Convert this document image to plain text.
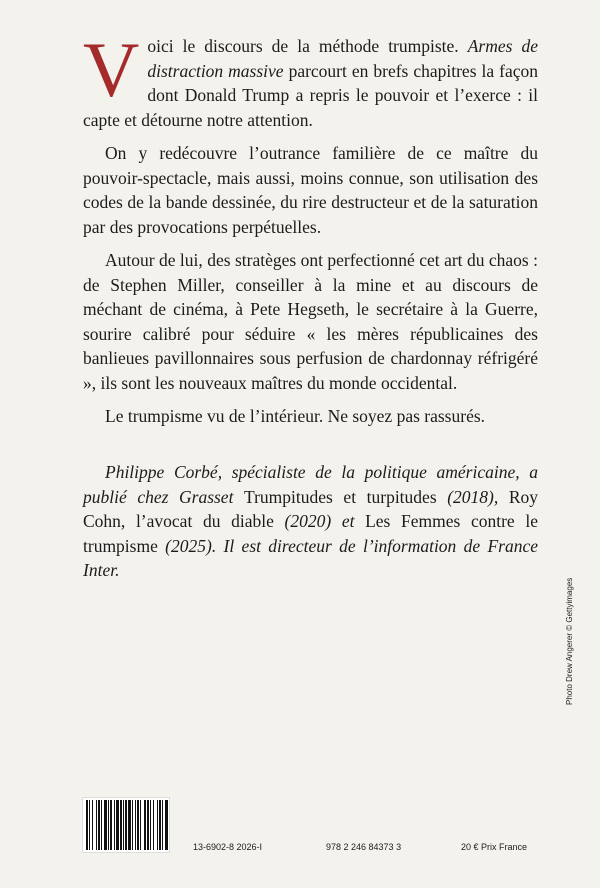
Voici le discours de la méthode trumpiste. Armes de distraction massive parcourt en brefs chapitres la façon dont Donald Trump a repris le pouvoir et l’exerce : il capte et détourne notre attention.

On y redécouvre l’outrance familière de ce maître du pouvoir-spectacle, mais aussi, moins connue, son utilisation des codes de la bande dessinée, du rire destructeur et de la saturation par des provocations perpétuelles.

Autour de lui, des stratèges ont perfectionné cet art du chaos : de Stephen Miller, conseiller à la mine et au discours de méchant de cinéma, à Pete Hegseth, le secrétaire à la Guerre, sourire calibré pour séduire « les mères républicaines des banlieues pavillonnaires sous perfusion de chardonnay réfrigéré », ils sont les nouveaux maîtres du monde occidental.

Le trumpisme vu de l’intérieur. Ne soyez pas rassurés.

Philippe Corbé, spécialiste de la politique américaine, a publié chez Grasset Trumpitudes et turpitudes (2018), Roy Cohn, l’avocat du diable (2020) et Les Femmes contre le trumpisme (2025). Il est directeur de l’information de France Inter.

Photo Drew Angerer © Gettyimages
13-6902-8 2026-I	978 2 246 84373 3	20 € Prix France
